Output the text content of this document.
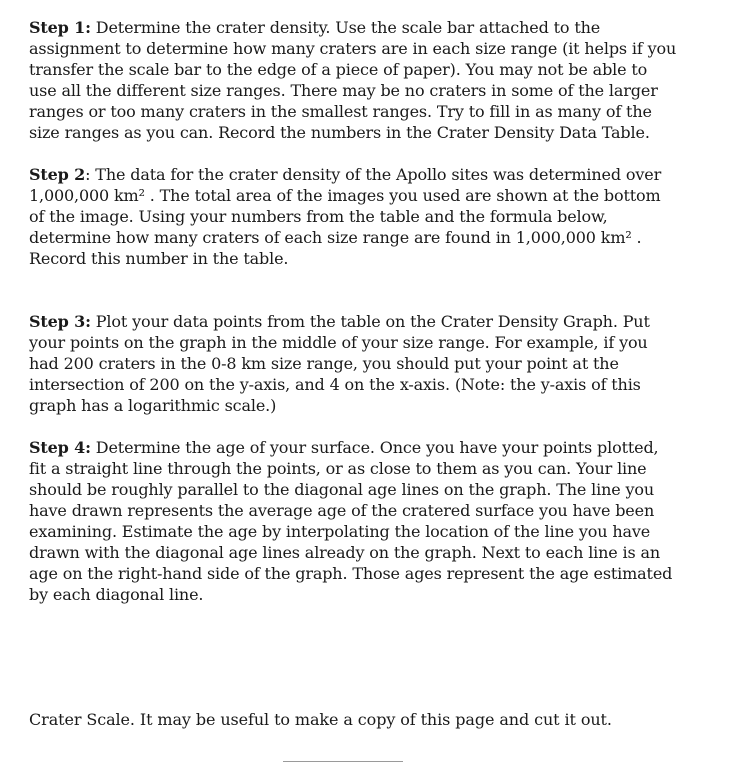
Step 1: Determine the crater density. Use the scale bar attached to the assignment to determine how many craters are in each size range (it helps if you transfer the scale bar to the edge of a piece of paper). You may not be able to use all the different size ranges. There may be no craters in some of the larger ranges or too many craters in the smallest ranges. Try to fill in as many of the size ranges as you can. Record the numbers in the Crater Density Data Table.

Step 2: The data for the crater density of the Apollo sites was determined over 1,000,000 km² . The total area of the images you used are shown at the bottom of the image. Using your numbers from the table and the formula below, determine how many craters of each size range are found in 1,000,000 km² . Record this number in the table.

Step 3: Plot your data points from the table on the Crater Density Graph. Put your points on the graph in the middle of your size range. For example, if you had 200 craters in the 0-8 km size range, you should put your point at the intersection of 200 on the y-axis, and 4 on the x-axis. (Note: the y-axis of this graph has a logarithmic scale.)

Step 4: Determine the age of your surface. Once you have your points plotted, fit a straight line through the points, or as close to them as you can. Your line should be roughly parallel to the diagonal age lines on the graph. The line you have drawn represents the average age of the cratered surface you have been examining. Estimate the age by interpolating the location of the line you have drawn with the diagonal age lines already on the graph. Next to each line is an age on the right-hand side of the graph. Those ages represent the age estimated by each diagonal line.

Crater Scale. It may be useful to make a copy of this page and cut it out.
